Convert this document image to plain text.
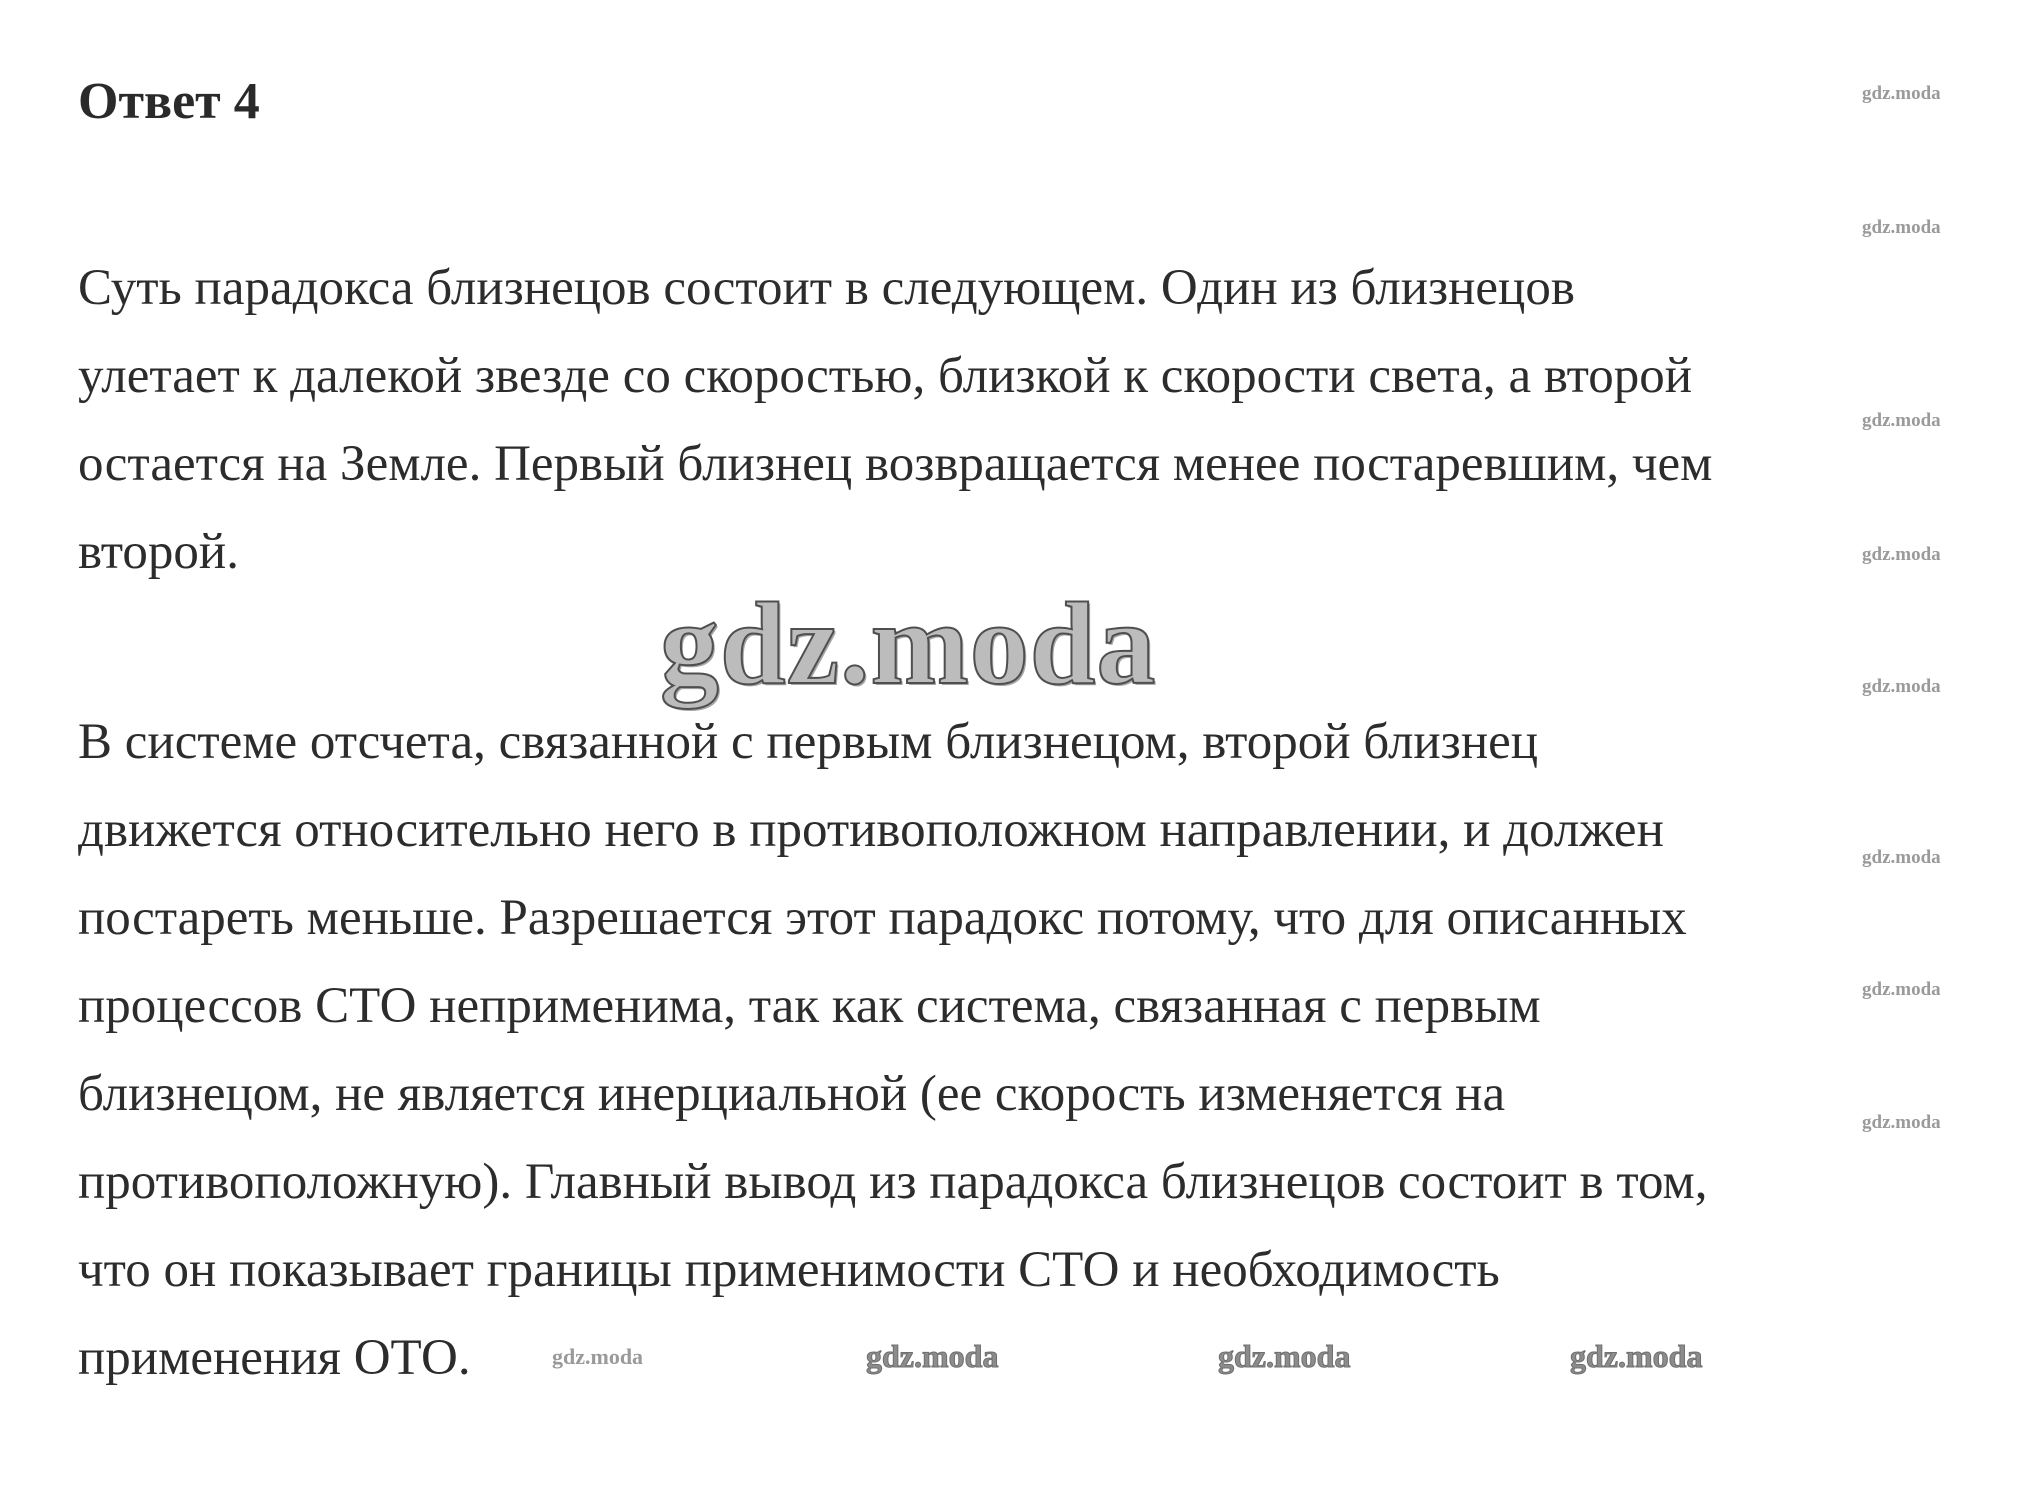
Ответ 4

Суть парадокса близнецов состоит в следующем. Один из близнецов
улетает к далекой звезде со скоростью, близкой к скорости света, а второй
остается на Земле. Первый близнец возвращается менее постаревшим, чем
второй.

gdz.moda

В системе отсчета, связанной с первым близнецом, второй близнец
движется относительно него в противоположном направлении, и должен
постареть меньше. Разрешается этот парадокс потому, что для описанных
процессов СТО неприменима, так как система, связанная с первым
близнецом, не является инерциальной (ее скорость изменяется на
противоположную). Главный вывод из парадокса близнецов состоит в том,
что он показывает границы применимости СТО и необходимость
применения ОТО.

gdz.moda
gdz.moda
gdz.moda
gdz.moda
gdz.moda
gdz.moda
gdz.moda
gdz.moda
gdz.moda	gdz.moda	gdz.moda	gdz.moda
